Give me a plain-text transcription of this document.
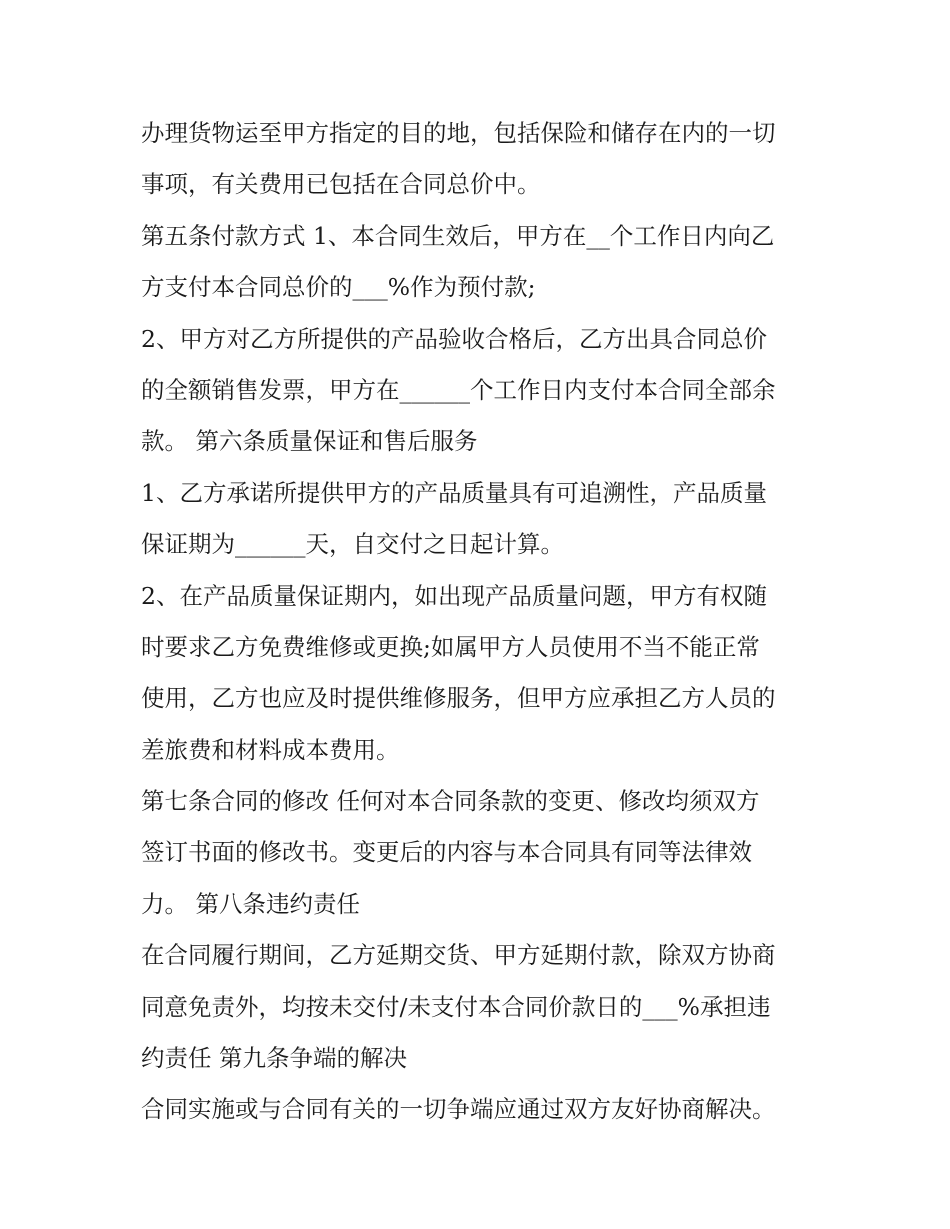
办理货物运至甲方指定的目的地，包括保险和储存在内的一切
事项，有关费用已包括在合同总价中。
第五条付款方式 1、本合同生效后，甲方在__个工作日内向乙
方支付本合同总价的___%作为预付款;
2、甲方对乙方所提供的产品验收合格后，乙方出具合同总价
的全额销售发票，甲方在______个工作日内支付本合同全部余
款。 第六条质量保证和售后服务
1、乙方承诺所提供甲方的产品质量具有可追溯性，产品质量
保证期为______天，自交付之日起计算。
2、在产品质量保证期内，如出现产品质量问题，甲方有权随
时要求乙方免费维修或更换;如属甲方人员使用不当不能正常
使用，乙方也应及时提供维修服务，但甲方应承担乙方人员的
差旅费和材料成本费用。
第七条合同的修改 任何对本合同条款的变更、修改均须双方
签订书面的修改书。变更后的内容与本合同具有同等法律效
力。 第八条违约责任
在合同履行期间，乙方延期交货、甲方延期付款，除双方协商
同意免责外，均按未交付/未支付本合同价款日的___%承担违
约责任 第九条争端的解决
合同实施或与合同有关的一切争端应通过双方友好协商解决。
